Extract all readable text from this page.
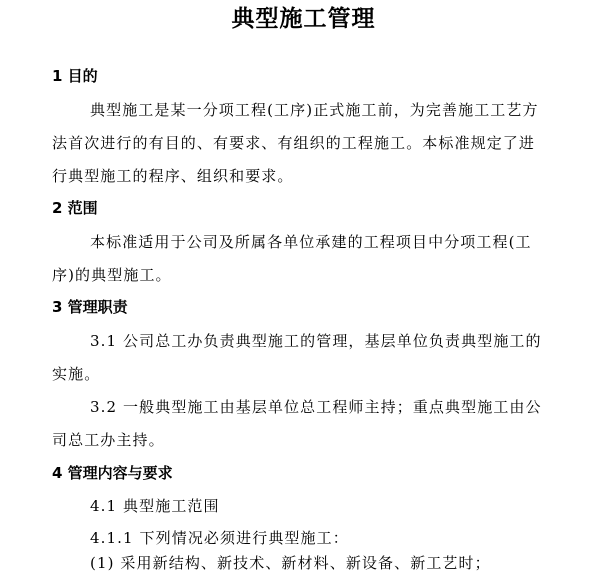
典型施工管理
1 目的
典型施工是某一分项工程(工序)正式施工前，为完善施工工艺方
法首次进行的有目的、有要求、有组织的工程施工。本标准规定了进
行典型施工的程序、组织和要求。
2 范围
本标准适用于公司及所属各单位承建的工程项目中分项工程(工
序)的典型施工。
3 管理职责
3.1 公司总工办负责典型施工的管理，基层单位负责典型施工的
实施。
3.2 一般典型施工由基层单位总工程师主持；重点典型施工由公
司总工办主持。
4 管理内容与要求
4.1 典型施工范围
4.1.1 下列情况必须进行典型施工：
(1) 采用新结构、新技术、新材料、新设备、新工艺时；
